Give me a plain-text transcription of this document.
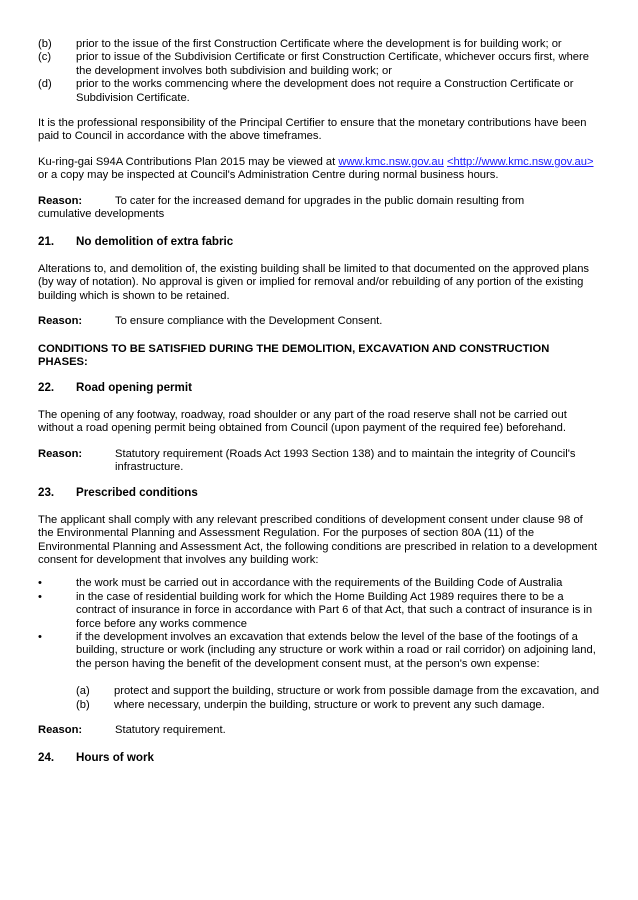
(b)	prior to the issue of the first Construction Certificate where the development is for building work; or
(c)	prior to issue of the Subdivision Certificate or first Construction Certificate, whichever occurs first, where the development involves both subdivision and building work; or
(d)	prior to the works commencing where the development does not require a Construction Certificate or Subdivision Certificate.

It is the professional responsibility of the Principal Certifier to ensure that the monetary contributions have been paid to Council in accordance with the above timeframes.

Ku-ring-gai S94A Contributions Plan 2015 may be viewed at www.kmc.nsw.gov.au <http://www.kmc.nsw.gov.au> or a copy may be inspected at Council's Administration Centre during normal business hours.

Reason:	To cater for the increased demand for upgrades in the public domain resulting from

cumulative developments

21.	No demolition of extra fabric

Alterations to, and demolition of, the existing building shall be limited to that documented on the approved plans (by way of notation). No approval is given or implied for removal and/or rebuilding of any portion of the existing building which is shown to be retained.

Reason:	To ensure compliance with the Development Consent.

CONDITIONS TO BE SATISFIED DURING THE DEMOLITION, EXCAVATION AND CONSTRUCTION PHASES:

22.	Road opening permit

The opening of any footway, roadway, road shoulder or any part of the road reserve shall not be carried out without a road opening permit being obtained from Council (upon payment of the required fee) beforehand.

Reason:	Statutory requirement (Roads Act 1993 Section 138) and to maintain the integrity of Council's infrastructure.
23.	Prescribed conditions

The applicant shall comply with any relevant prescribed conditions of development consent under clause 98 of the Environmental Planning and Assessment Regulation. For the purposes of section 80A (11) of the Environmental Planning and Assessment Act, the following conditions are prescribed in relation to a development consent for development that involves any building work:

•	the work must be carried out in accordance with the requirements of the Building Code of Australia
•	in the case of residential building work for which the Home Building Act 1989 requires there to be a contract of insurance in force in accordance with Part 6 of that Act, that such a contract of insurance is in force before any works commence
•	if the development involves an excavation that extends below the level of the base of the footings of a building, structure or work (including any structure or work within a road or rail corridor) on adjoining land, the person having the benefit of the development consent must, at the person's own expense:
(a)	protect and support the building, structure or work from possible damage from the excavation, and
(b)	where necessary, underpin the building, structure or work to prevent any such damage.
Reason:	Statutory requirement.
24.	Hours of work
